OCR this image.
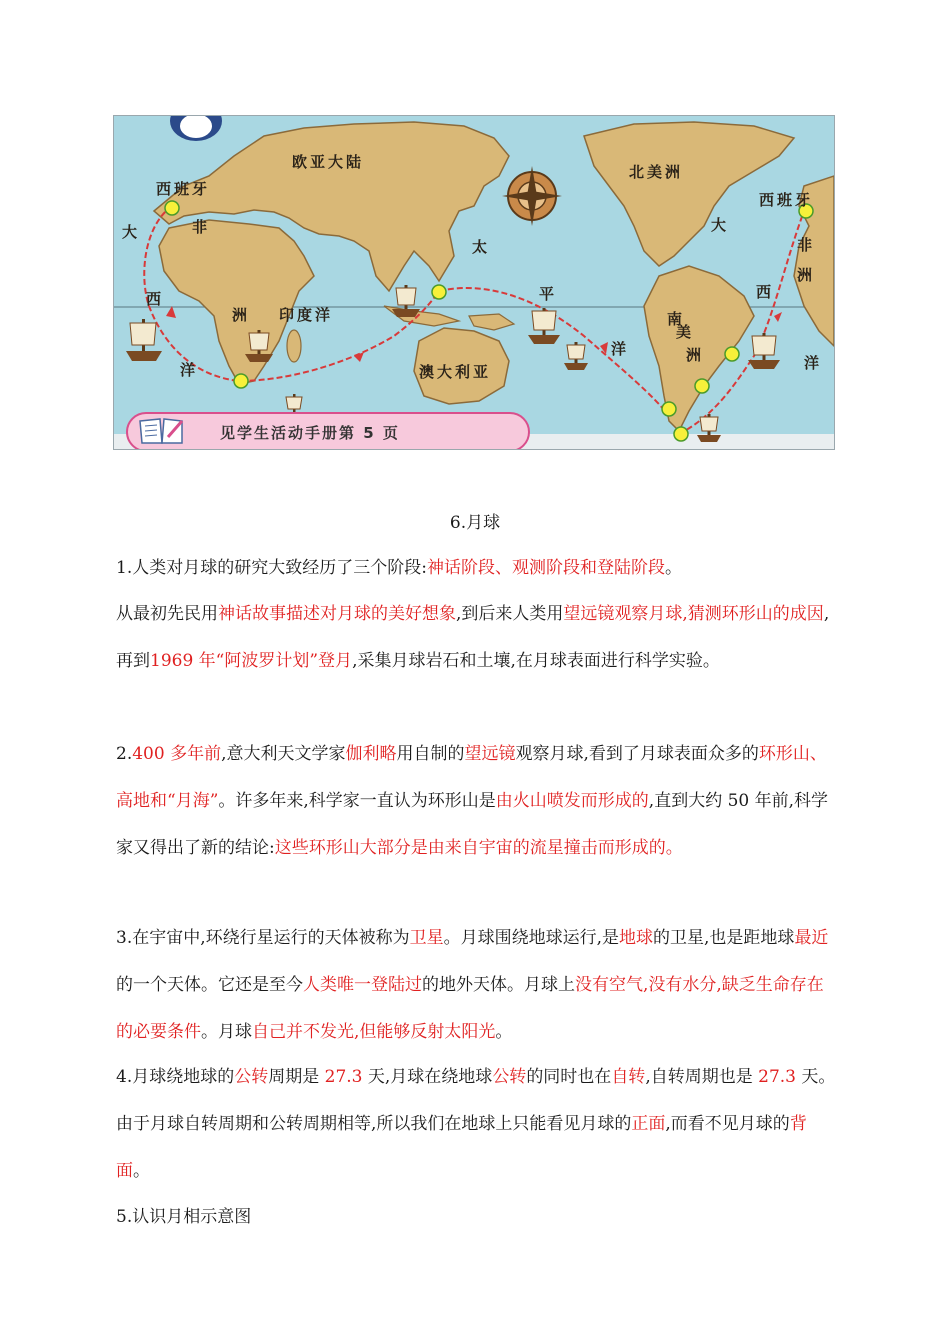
欧亚大陆
北美洲
西班牙
西班牙
非
洲
非
洲
大
西
洋
大
西
洋
印度洋
太
平
洋
南
美
洲
澳大利亚
见学生活动手册第 5 页
6.月球

1.人类对月球的研究大致经历了三个阶段:神话阶段、观测阶段和登陆阶段。

从最初先民用神话故事描述对月球的美好想象,到后来人类用望远镜观察月球,猜测环形山的成因,再到1969 年“阿波罗计划”登月,采集月球岩石和土壤,在月球表面进行科学实验。

2.400 多年前,意大利天文学家伽利略用自制的望远镜观察月球,看到了月球表面众多的环形山、高地和“月海”。许多年来,科学家一直认为环形山是由火山喷发而形成的,直到大约 50 年前,科学家又得出了新的结论:这些环形山大部分是由来自宇宙的流星撞击而形成的。

3.在宇宙中,环绕行星运行的天体被称为卫星。月球围绕地球运行,是地球的卫星,也是距地球最近的一个天体。它还是至今人类唯一登陆过的地外天体。月球上没有空气,没有水分,缺乏生命存在的必要条件。月球自己并不发光,但能够反射太阳光。

4.月球绕地球的公转周期是 27.3 天,月球在绕地球公转的同时也在自转,自转周期也是 27.3 天。由于月球自转周期和公转周期相等,所以我们在地球上只能看见月球的正面,而看不见月球的背面。

5.认识月相示意图
